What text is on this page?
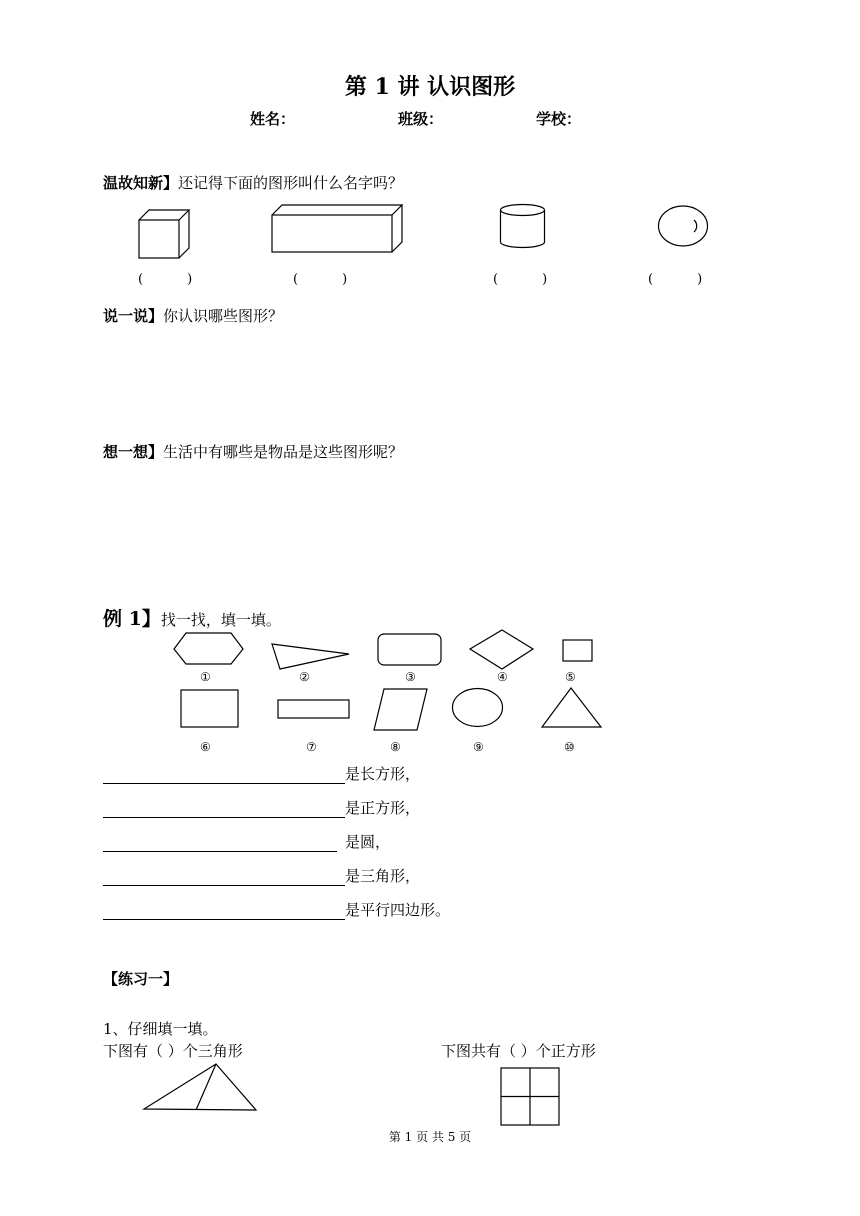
第 1 讲 认识图形
姓名：	班级：	学校：
温故知新】还记得下面的图形叫什么名字吗？
(	)	(	)	(	)	(	)
说一说】你认识哪些图形？
想一想】生活中有哪些是物品是这些图形呢？
例 1】找一找，填一填。
①	②	③	④	⑤
⑥	⑦	⑧	⑨	⑩
是长方形，
是正方形，
是圆，
是三角形，
是平行四边形。
【练习一】
1、仔细填一填。
下图有（ ）个三角形	下图共有（ ）个正方形
第 1 页 共 5 页
